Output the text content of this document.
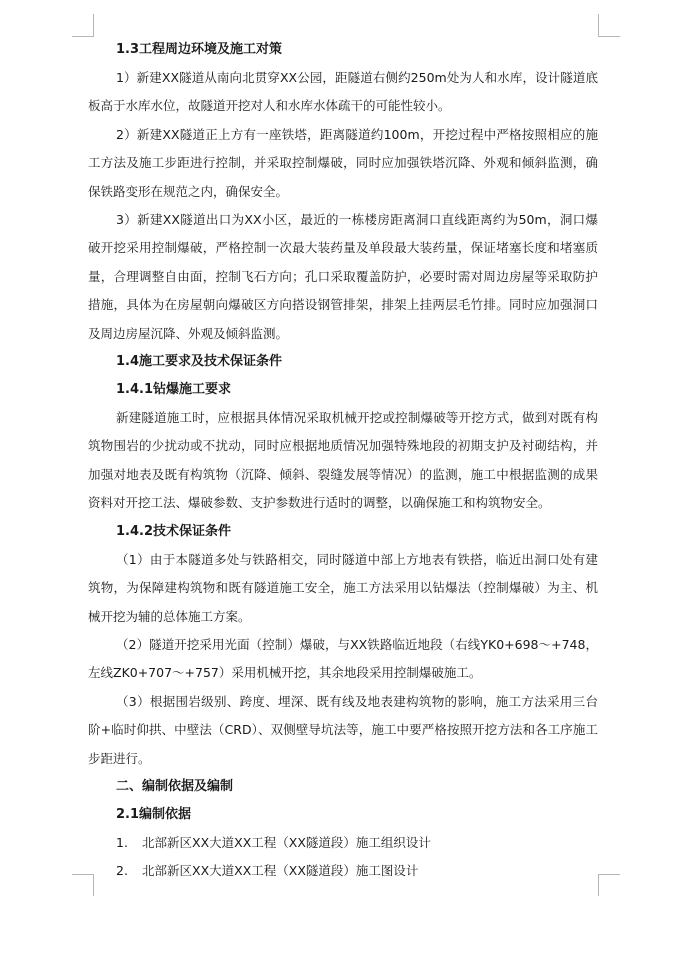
1.3工程周边环境及施工对策
1）新建XX隧道从南向北贯穿XX公园，距隧道右侧约250m处为人和水库，设计隧道底板高于水库水位，故隧道开挖对人和水库水体疏干的可能性较小。
2）新建XX隧道正上方有一座铁塔，距离隧道约100m，开挖过程中严格按照相应的施工方法及施工步距进行控制，并采取控制爆破，同时应加强铁塔沉降、外观和倾斜监测，确保铁路变形在规范之内，确保安全。
3）新建XX隧道出口为XX小区，最近的一栋楼房距离洞口直线距离约为50m，洞口爆破开挖采用控制爆破，严格控制一次最大装药量及单段最大装药量，保证堵塞长度和堵塞质量，合理调整自由面，控制飞石方向；孔口采取覆盖防护，必要时需对周边房屋等采取防护措施，具体为在房屋朝向爆破区方向搭设钢管排架，排架上挂两层毛竹排。同时应加强洞口及周边房屋沉降、外观及倾斜监测。
1.4施工要求及技术保证条件
1.4.1钻爆施工要求
新建隧道施工时，应根据具体情况采取机械开挖或控制爆破等开挖方式，做到对既有构筑物围岩的少扰动或不扰动，同时应根据地质情况加强特殊地段的初期支护及衬砌结构，并加强对地表及既有构筑物（沉降、倾斜、裂缝发展等情况）的监测，施工中根据监测的成果资料对开挖工法、爆破参数、支护参数进行适时的调整，以确保施工和构筑物安全。
1.4.2技术保证条件
（1）由于本隧道多处与铁路相交，同时隧道中部上方地表有铁搭，临近出洞口处有建筑物，为保障建构筑物和既有隧道施工安全，施工方法采用以钻爆法（控制爆破）为主、机械开挖为辅的总体施工方案。
（2）隧道开挖采用光面（控制）爆破，与XX铁路临近地段（右线YK0+698～+748，左线ZK0+707～+757）采用机械开挖，其余地段采用控制爆破施工。
（3）根据围岩级别、跨度、埋深、既有线及地表建构筑物的影响，施工方法采用三台阶+临时仰拱、中壁法（CRD）、双侧壁导坑法等，施工中要严格按照开挖方法和各工序施工步距进行。
二、编制依据及编制
2.1编制依据
1. 北部新区XX大道XX工程（XX隧道段）施工组织设计
2. 北部新区XX大道XX工程（XX隧道段）施工图设计
